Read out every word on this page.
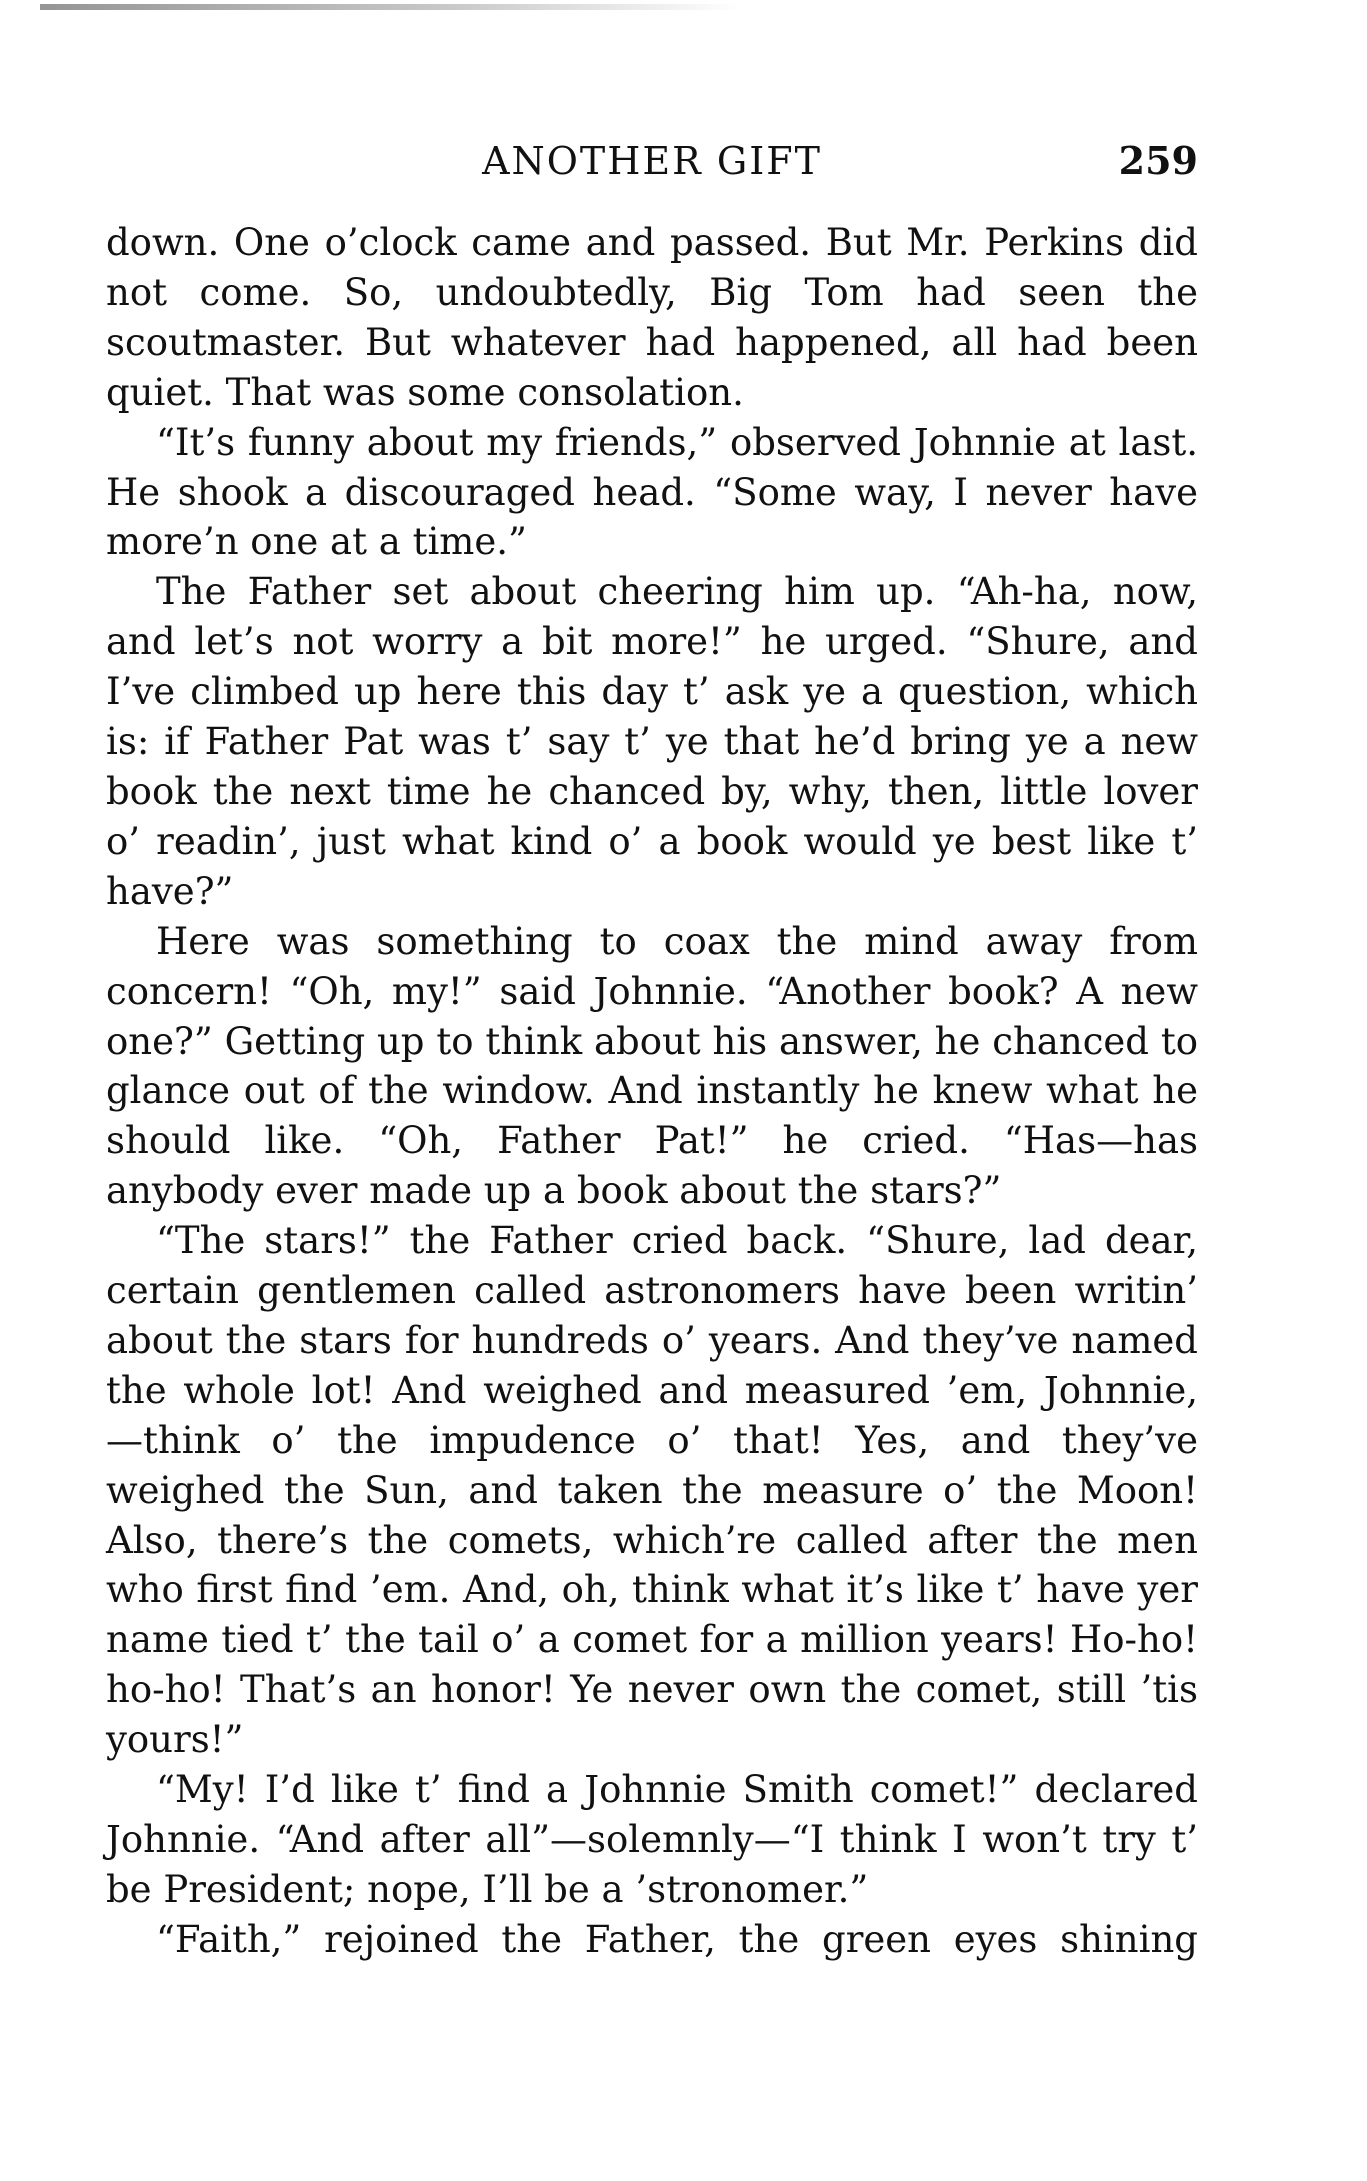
ANOTHER GIFT	259

down. One o’clock came and passed. But Mr. Perkins did not come. So, undoubtedly, Big Tom had seen the scoutmaster. But whatever had happened, all had been quiet. That was some consolation.

“It’s funny about my friends,” observed Johnnie at last. He shook a discouraged head. “Some way, I never have more’n one at a time.”

The Father set about cheering him up. “Ah-ha, now, and let’s not worry a bit more!” he urged. “Shure, and I’ve climbed up here this day t’ ask ye a question, which is: if Father Pat was t’ say t’ ye that he’d bring ye a new book the next time he chanced by, why, then, little lover o’ readin’, just what kind o’ a book would ye best like t’ have?”

Here was something to coax the mind away from concern! “Oh, my!” said Johnnie. “Another book? A new one?” Getting up to think about his answer, he chanced to glance out of the window. And instantly he knew what he should like. “Oh, Father Pat!” he cried. “Has—has anybody ever made up a book about the stars?”

“The stars!” the Father cried back. “Shure, lad dear, certain gentlemen called astronomers have been writin’ about the stars for hundreds o’ years. And they’ve named the whole lot! And weighed and measured ’em, Johnnie, —think o’ the impudence o’ that! Yes, and they’ve weighed the Sun, and taken the measure o’ the Moon! Also, there’s the comets, which’re called after the men who first find ’em. And, oh, think what it’s like t’ have yer name tied t’ the tail o’ a comet for a million years! Ho-ho! ho-ho! That’s an honor! Ye never own the comet, still ’tis yours!”

“My! I’d like t’ find a Johnnie Smith comet!” declared Johnnie. “And after all”—solemnly—“I think I won’t try t’ be President; nope, I’ll be a ’stronomer.”

“Faith,” rejoined the Father, the green eyes shining
